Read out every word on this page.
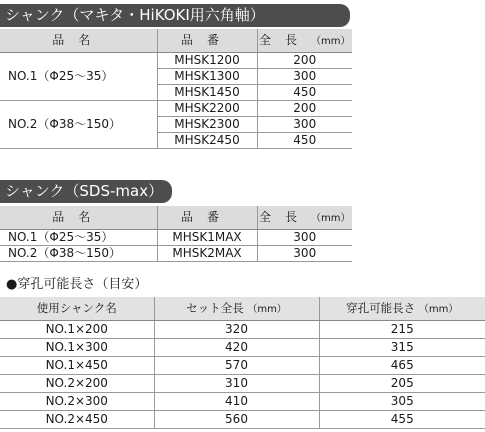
シャンク（マキタ・HiKOKI用六角軸）
品名	品番	全長（mm）
NO.1（Φ25～35）	MHSK1200	200
	MHSK1300	300
	MHSK1450	450
NO.2（Φ38～150）	MHSK2200	200
	MHSK2300	300
	MHSK2450	450
シャンク（SDS-max）
品名	品番	全長（mm）
NO.1（Φ25～35）	MHSK1MAX	300
NO.2（Φ38～150）	MHSK2MAX	300
●穿孔可能長さ（目安）
使用シャンク名	セット全長 （mm）	穿孔可能長さ （mm）
NO.1×200	320	215
NO.1×300	420	315
NO.1×450	570	465
NO.2×200	310	205
NO.2×300	410	305
NO.2×450	560	455
